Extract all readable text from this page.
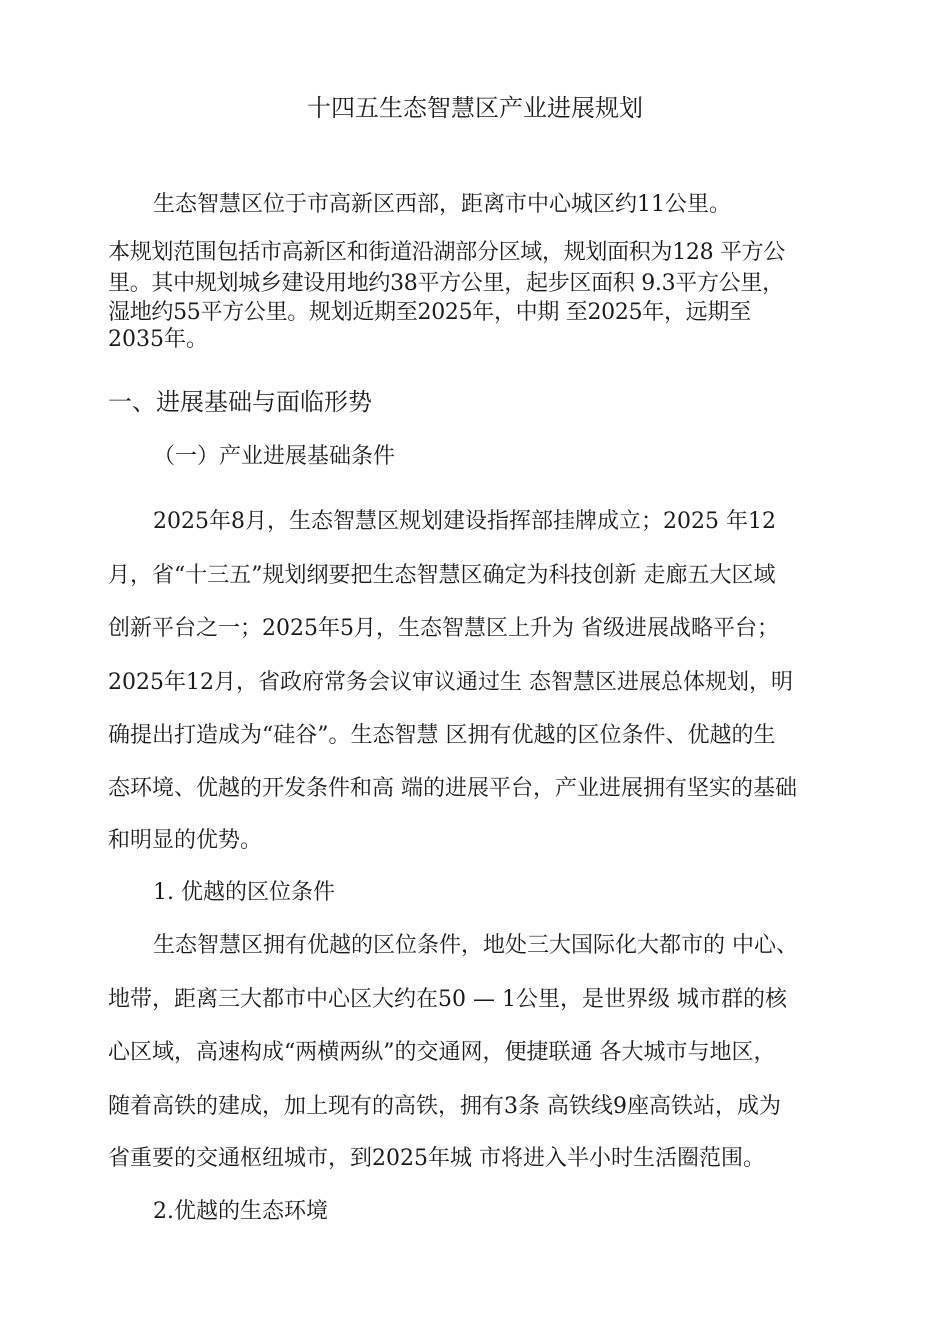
十四五生态智慧区产业进展规划
生态智慧区位于市高新区西部，距离市中心城区约11公里。
本规划范围包括市高新区和街道沿湖部分区域，规划面积为128 平方公
里。其中规划城乡建设用地约38平方公里，起步区面积 9.3平方公里，
湿地约55平方公里。规划近期至2025年，中期 至2025年，远期至
2035年。
一、进展基础与面临形势
（一）产业进展基础条件
2025年8月，生态智慧区规划建设指挥部挂牌成立；2025 年12
月，省“十三五”规划纲要把生态智慧区确定为科技创新 走廊五大区域
创新平台之一；2025年5月，生态智慧区上升为 省级进展战略平台；
2025年12月，省政府常务会议审议通过生 态智慧区进展总体规划，明
确提出打造成为“硅谷”。生态智慧 区拥有优越的区位条件、优越的生
态环境、优越的开发条件和高 端的进展平台，产业进展拥有坚实的基础
和明显的优势。
1. 优越的区位条件
生态智慧区拥有优越的区位条件，地处三大国际化大都市的 中心、
地带，距离三大都市中心区大约在50 — 1公里，是世界级 城市群的核
心区域，高速构成“两横两纵”的交通网，便捷联通 各大城市与地区，
随着高铁的建成，加上现有的高铁，拥有3条 高铁线9座高铁站，成为
省重要的交通枢纽城市，到2025年城 市将进入半小时生活圈范围。
2.优越的生态环境
